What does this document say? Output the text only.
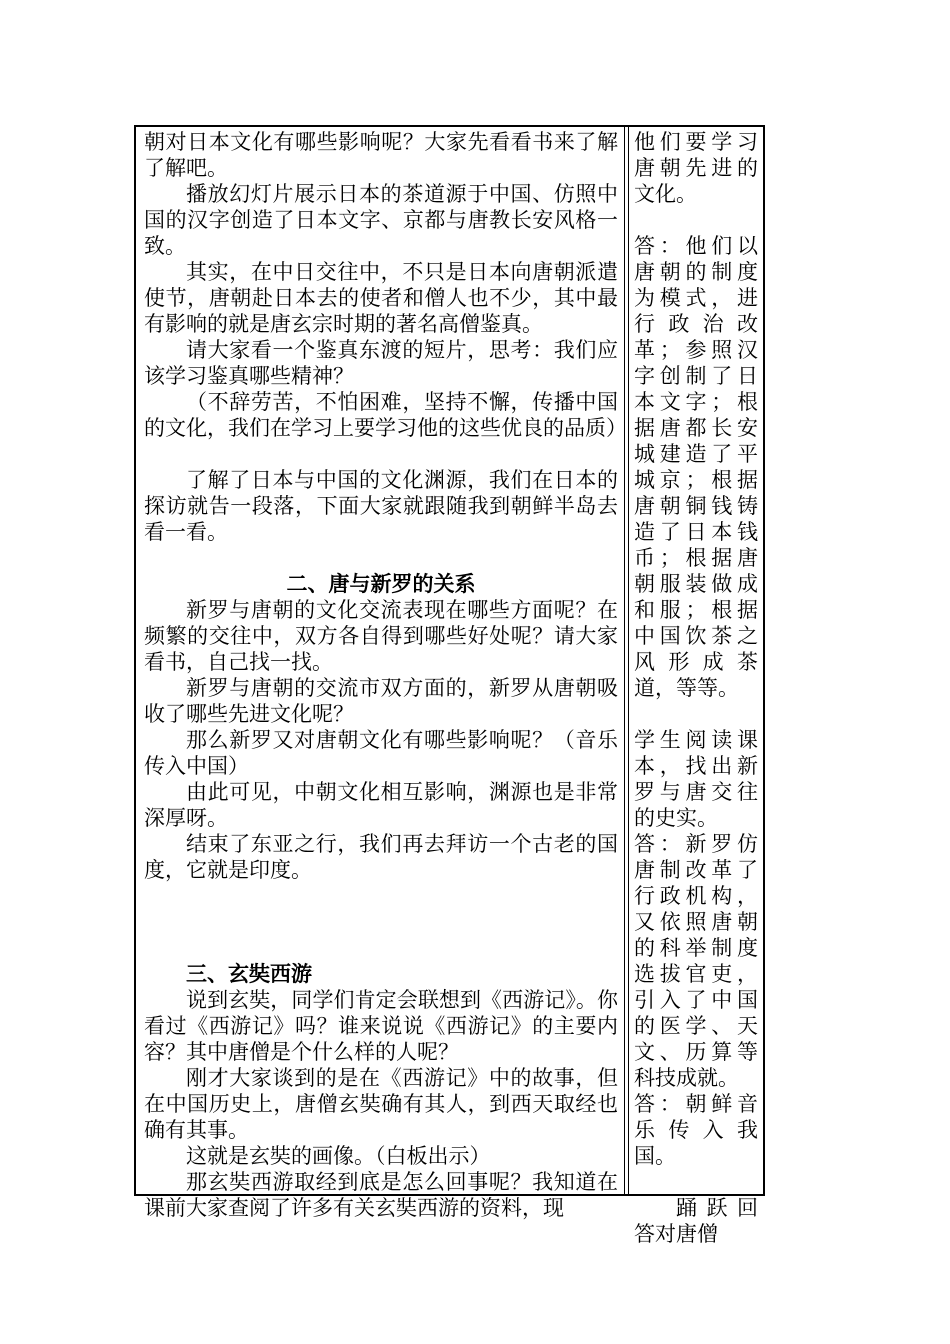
朝对日本文化有哪些影响呢？大家先看看书来了解了解吧。

播放幻灯片展示日本的茶道源于中国、仿照中国的汉字创造了日本文字、京都与唐教长安风格一致。

其实，在中日交往中，不只是日本向唐朝派遣使节，唐朝赴日本去的使者和僧人也不少，其中最有影响的就是唐玄宗时期的著名高僧鉴真。

请大家看一个鉴真东渡的短片，思考：我们应该学习鉴真哪些精神？

（不辞劳苦，不怕困难，坚持不懈，传播中国的文化，我们在学习上要学习他的这些优良的品质）

了解了日本与中国的文化渊源，我们在日本的探访就告一段落，下面大家就跟随我到朝鲜半岛去看一看。

二、唐与新罗的关系

新罗与唐朝的文化交流表现在哪些方面呢？在频繁的交往中，双方各自得到哪些好处呢？请大家看书，自己找一找。

新罗与唐朝的交流市双方面的，新罗从唐朝吸收了哪些先进文化呢？

那么新罗又对唐朝文化有哪些影响呢？（音乐传入中国）

由此可见，中朝文化相互影响，渊源也是非常深厚呀。

结束了东亚之行，我们再去拜访一个古老的国度，它就是印度。

三、玄奘西游

说到玄奘，同学们肯定会联想到《西游记》。你看过《西游记》吗？谁来说说《西游记》的主要内容？其中唐僧是个什么样的人呢？

刚才大家谈到的是在《西游记》中的故事，但在中国历史上，唐僧玄奘确有其人，到西天取经也确有其事。

这就是玄奘的画像。（白板出示）

那玄奘西游取经到底是怎么回事呢？我知道在课前大家查阅了许多有关玄奘西游的资料，现

他们要学习唐朝先进的文化。

答：他们以唐朝的制度为模式，进行政治改革；参照汉字创制了日本文字；根据唐都长安城建造了平城京；根据唐朝铜钱铸造了日本钱币；根据唐朝服装做成和服；根据中国饮茶之风形成茶道，等等。

学生阅读课本，找出新罗与唐交往的史实。

答：新罗仿唐制改革了行政机构，又依照唐朝的科举制度选拔官吏，引入了中国的医学、天文、历算等科技成就。

答：朝鲜音乐传入我国。

踊跃回答对唐僧
